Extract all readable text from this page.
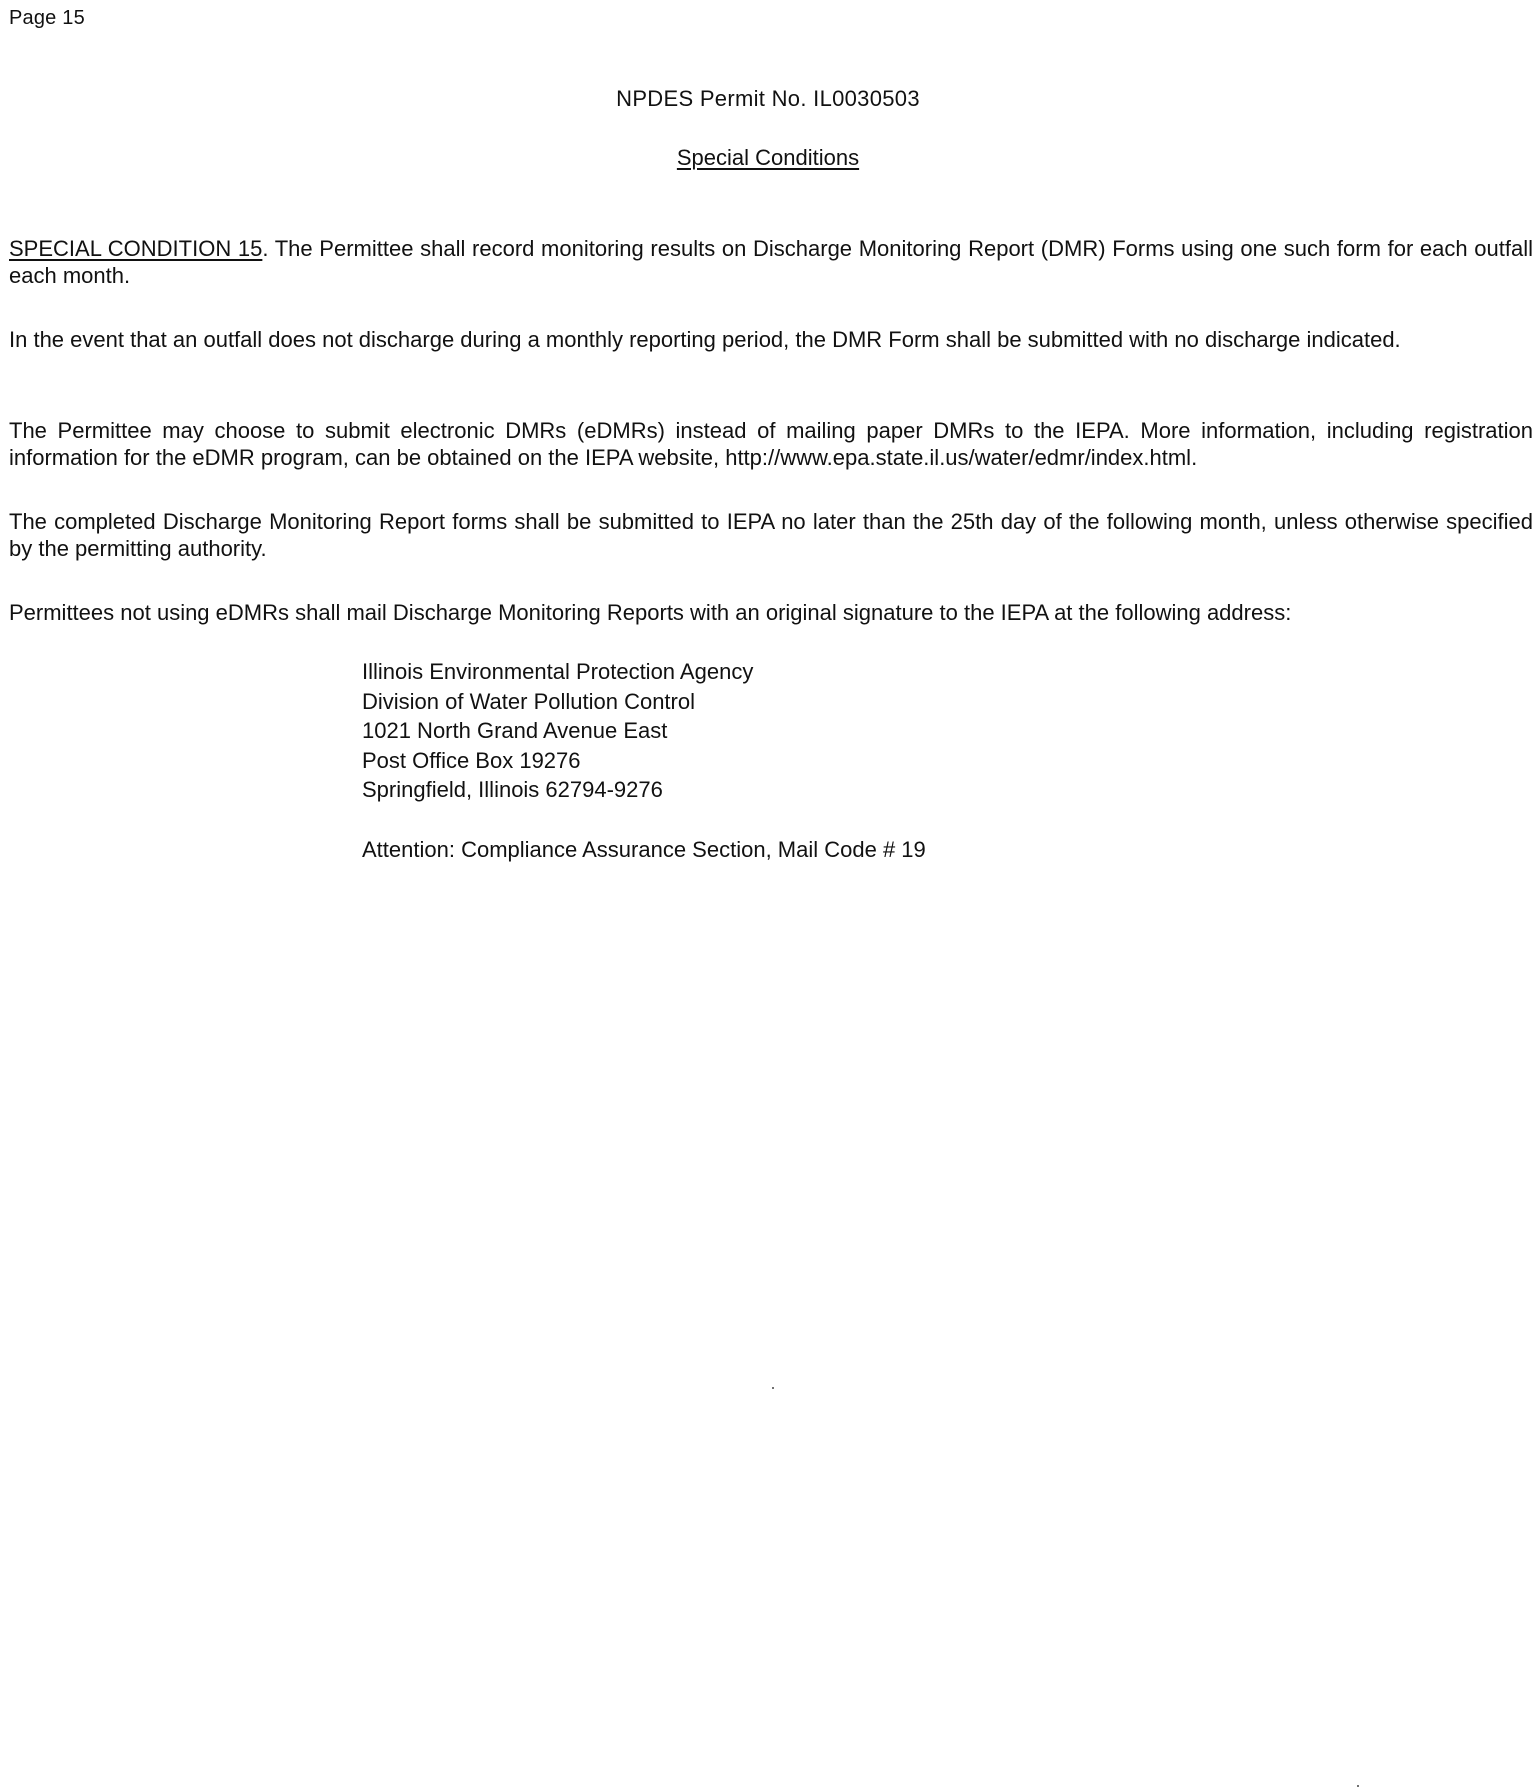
Page 15
NPDES Permit No. IL0030503
Special Conditions

SPECIAL CONDITION 15. The Permittee shall record monitoring results on Discharge Monitoring Report (DMR) Forms using one such form for each outfall each month.

In the event that an outfall does not discharge during a monthly reporting period, the DMR Form shall be submitted with no discharge indicated.

The Permittee may choose to submit electronic DMRs (eDMRs) instead of mailing paper DMRs to the IEPA. More information, including registration information for the eDMR program, can be obtained on the IEPA website, http://www.epa.state.il.us/water/edmr/index.html.

The completed Discharge Monitoring Report forms shall be submitted to IEPA no later than the 25th day of the following month, unless otherwise specified by the permitting authority.

Permittees not using eDMRs shall mail Discharge Monitoring Reports with an original signature to the IEPA at the following address:

Illinois Environmental Protection Agency
Division of Water Pollution Control
1021 North Grand Avenue East
Post Office Box 19276
Springfield, Illinois 62794-9276
Attention: Compliance Assurance Section, Mail Code # 19
